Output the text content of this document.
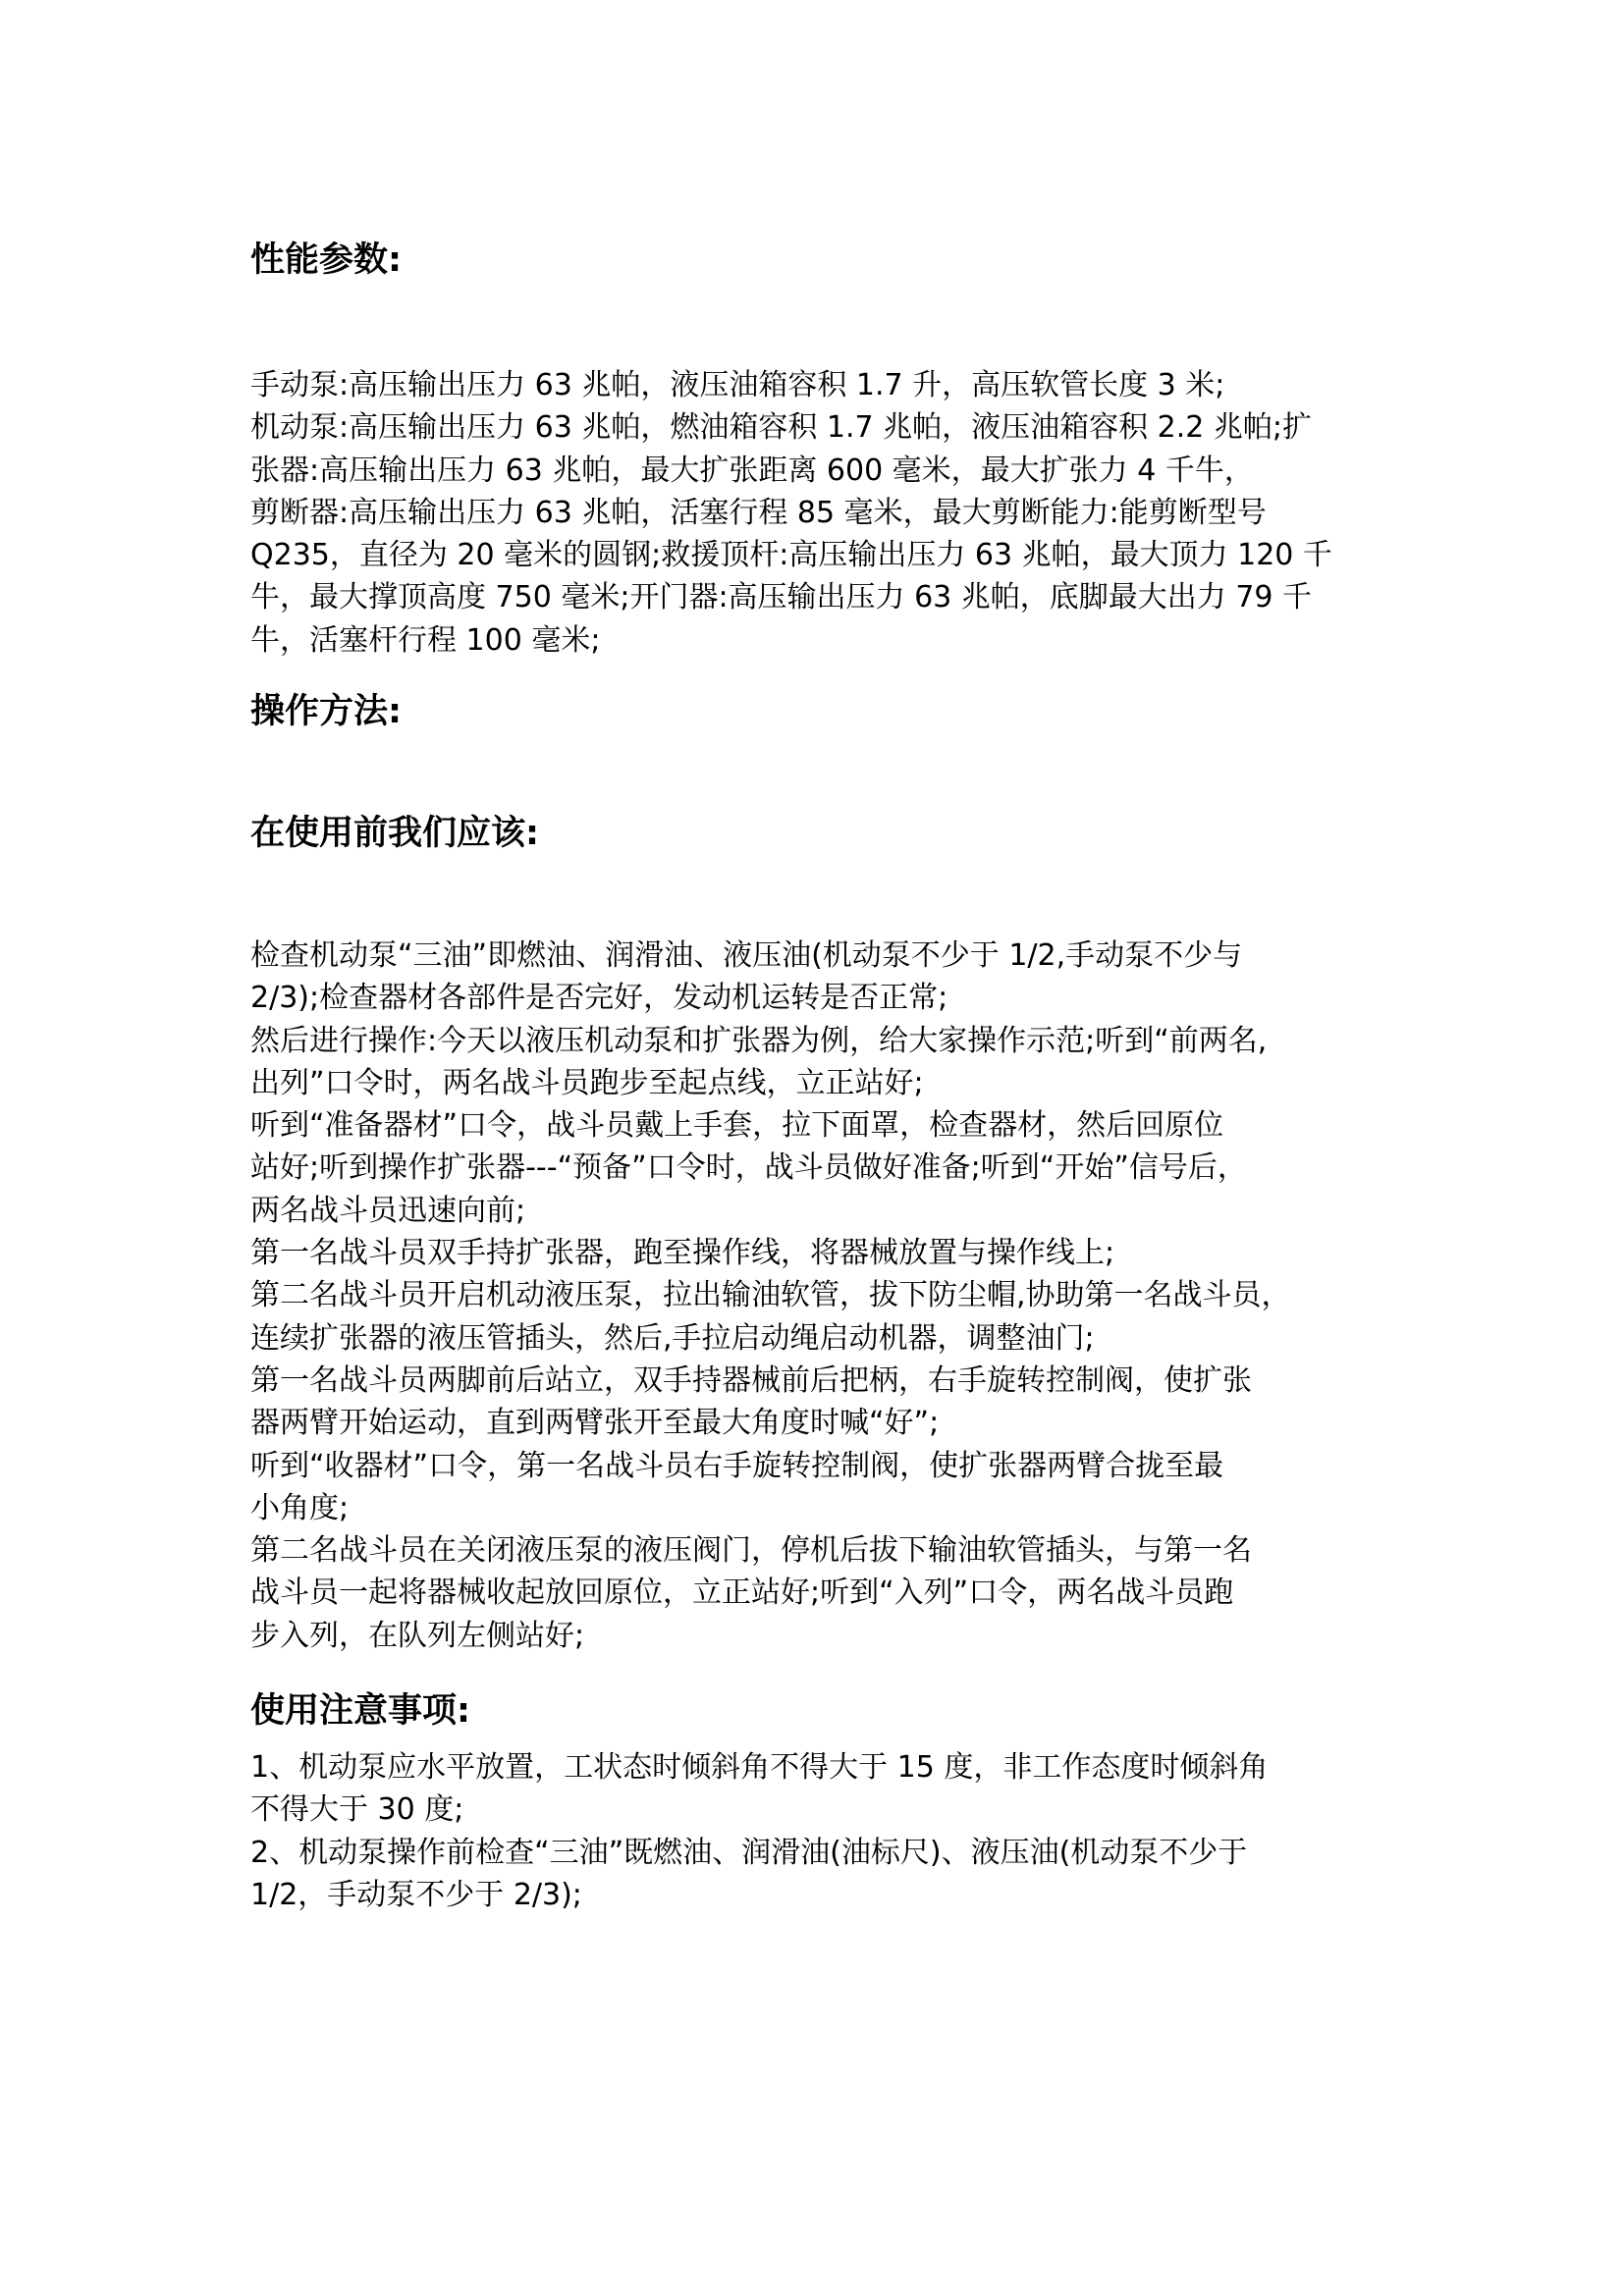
性能参数:
手动泵:高压输出压力 63 兆帕，液压油箱容积 1.7 升，高压软管长度 3 米;
机动泵:高压输出压力 63 兆帕，燃油箱容积 1.7 兆帕，液压油箱容积 2.2 兆帕;扩
张器:高压输出压力 63 兆帕，最大扩张距离 600 毫米，最大扩张力 4 千牛，
剪断器:高压输出压力 63 兆帕，活塞行程 85 毫米，最大剪断能力:能剪断型号
Q235，直径为 20 毫米的圆钢;救援顶杆:高压输出压力 63 兆帕，最大顶力 120 千
牛，最大撑顶高度 750 毫米;开门器:高压输出压力 63 兆帕，底脚最大出力 79 千
牛，活塞杆行程 100 毫米;
操作方法:
在使用前我们应该:
检查机动泵“三油”即燃油、润滑油、液压油(机动泵不少于 1/2,手动泵不少与
2/3);检查器材各部件是否完好，发动机运转是否正常;
然后进行操作:今天以液压机动泵和扩张器为例，给大家操作示范;听到“前两名,
出列”口令时，两名战斗员跑步至起点线，立正站好;
听到“准备器材”口令，战斗员戴上手套，拉下面罩，检查器材，然后回原位
站好;听到操作扩张器---“预备”口令时，战斗员做好准备;听到“开始”信号后，
两名战斗员迅速向前;
第一名战斗员双手持扩张器，跑至操作线，将器械放置与操作线上;
第二名战斗员开启机动液压泵，拉出输油软管，拔下防尘帽,协助第一名战斗员，
连续扩张器的液压管插头，然后,手拉启动绳启动机器，调整油门;
第一名战斗员两脚前后站立，双手持器械前后把柄，右手旋转控制阀，使扩张
器两臂开始运动，直到两臂张开至最大角度时喊“好”;
听到“收器材”口令，第一名战斗员右手旋转控制阀，使扩张器两臂合拢至最
小角度;
第二名战斗员在关闭液压泵的液压阀门，停机后拔下输油软管插头，与第一名
战斗员一起将器械收起放回原位，立正站好;听到“入列”口令，两名战斗员跑
步入列，在队列左侧站好;
使用注意事项:
1、机动泵应水平放置，工状态时倾斜角不得大于 15 度，非工作态度时倾斜角
不得大于 30 度;
2、机动泵操作前检查“三油”既燃油、润滑油(油标尺)、液压油(机动泵不少于
1/2，手动泵不少于 2/3);
